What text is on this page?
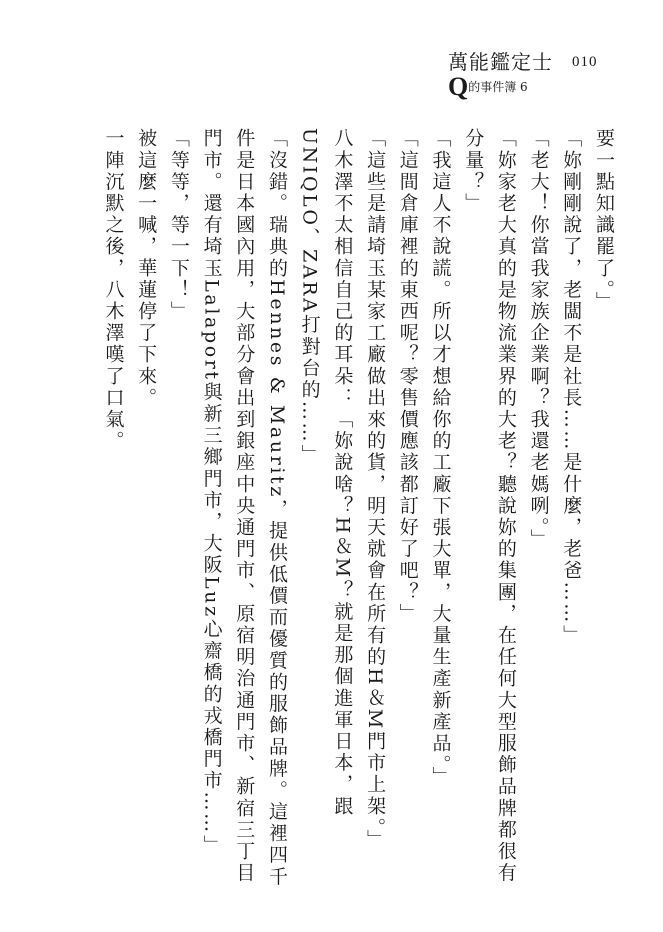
萬能鑑定士 010
Q的事件簿 6

要一點知識罷了。」

「妳剛剛說了，老闆不是社長……是什麼，老爸……」

「老大！你當我家族企業啊？我還老媽咧。」

「妳家老大真的是物流業界的大老？聽說妳的集團，在任何大型服飾品牌都很有分量？」

「我這人不說謊。所以才想給你的工廠下張大單，大量生產新產品。」

「這間倉庫裡的東西呢？零售價應該都訂好了吧？」

「這些是請埼玉某家工廠做出來的貨，明天就會在所有的H＆M門市上架。」

八木澤不太相信自己的耳朵：「妳說啥？H＆M？就是那個進軍日本，跟UNIQLO、ZARA打對台的……」

「沒錯。瑞典的Hennes & Mauritz，提供低價而優質的服飾品牌。這裡四千件是日本國內用，大部分會出到銀座中央通門市、原宿明治通門市、新宿三丁目門市。還有埼玉Lalaport與新三鄉門市，大阪Luz心齋橋的戎橋門市……」

「等等，等一下！」

被這麼一喊，華蓮停了下來。

一陣沉默之後，八木澤嘆了口氣。
